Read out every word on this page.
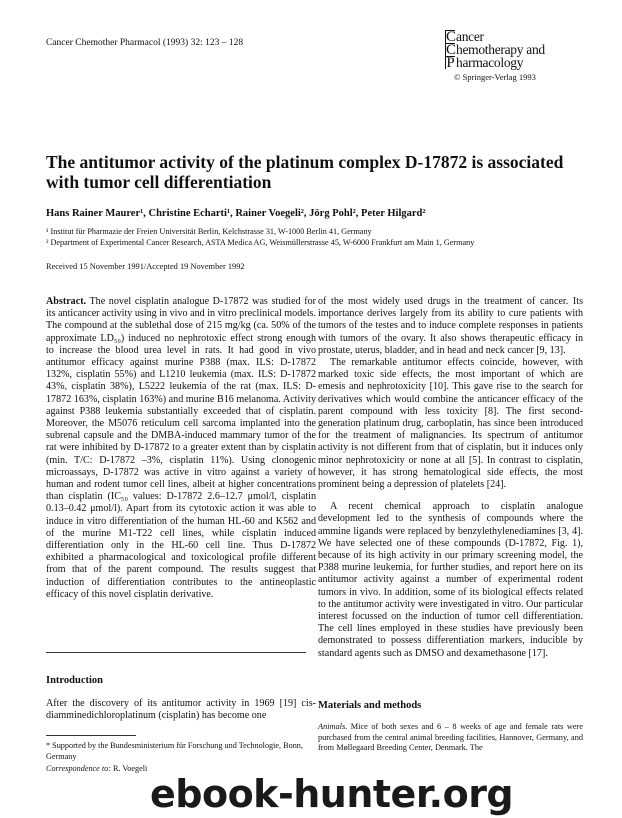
Cancer Chemother Pharmacol (1993) 32: 123 – 128	C ancer
C hemotherapy and
P harmacology
© Springer-Verlag 1993
The antitumor activity of the platinum complex D-17872 is associated with tumor cell differentiation
Hans Rainer Maurer¹, Christine Echarti¹, Rainer Voegeli², Jörg Pohl², Peter Hilgard²
¹ Institut für Pharmazie der Freien Universität Berlin, Kelchstrasse 31, W-1000 Berlin 41, Germany
² Department of Experimental Cancer Research, ASTA Medica AG, Weismüllerstrasse 45, W-6000 Frankfurt am Main 1, Germany
Received 15 November 1991/Accepted 19 November 1992

Abstract. The novel cisplatin analogue D-17872 was studied for its anticancer activity using in vivo and in vitro preclinical models. The compound at the sublethal dose of 215 mg/kg (ca. 50% of the approximate LD₅₀) induced no nephrotoxic effect strong enough to increase the blood urea level in rats. It had good in vivo antitumor efficacy against murine P388 (max. ILS: D-17872 132%, cisplatin 55%) and L1210 leukemia (max. ILS: D-17872 43%, cisplatin 38%), L5222 leukemia of the rat (max. ILS: D-17872 163%, cisplatin 163%) and murine B16 melanoma. Activity against P388 leukemia substantially exceeded that of cisplatin. Moreover, the M5076 reticulum cell sarcoma implanted into the subrenal capsule and the DMBA-induced mammary tumor of the rat were inhibited by D-17872 to a greater extent than by cisplatin (min. T/C: D-17872 –3%, cisplatin 11%). Using clonogenic microassays, D-17872 was active in vitro against a variety of human and rodent tumor cell lines, albeit at higher concentrations than cisplatin (IC₅₀ values: D-17872 2.6–12.7 μmol/l, cisplatin 0.13–0.42 μmol/l). Apart from its cytotoxic action it was able to induce in vitro differentiation of the human HL-60 and K562 and of the murine M1-T22 cell lines, while cisplatin induced differentiation only in the HL-60 cell line. Thus D-17872 exhibited a pharmacological and toxicological profile different from that of the parent compound. The results suggest that induction of differentiation contributes to the antineoplastic efficacy of this novel cisplatin derivative.

Introduction
After the discovery of its antitumor activity in 1969 [19] cis-diamminedichloroplatinum (cisplatin) has become one
* Supported by the Bundesministerium für Forschung und Technologie, Bonn, Germany
Correspondence to: R. Voegeli

of the most widely used drugs in the treatment of cancer. Its importance derives largely from its ability to cure patients with tumors of the testes and to induce complete responses in patients with tumors of the ovary. It also shows therapeutic efficacy in prostate, uterus, bladder, and in head and neck cancer [9, 13].

The remarkable antitumor effects coincide, however, with marked toxic side effects, the most important of which are emesis and nephrotoxicity [10]. This gave rise to the search for derivatives which would combine the anticancer efficacy of the parent compound with less toxicity [8]. The first second-generation platinum drug, carboplatin, has since been introduced for the treatment of malignancies. Its spectrum of antitumor activity is not different from that of cisplatin, but it induces only minor nephrotoxicity or none at all [5]. In contrast to cisplatin, however, it has strong hematological side effects, the most prominent being a depression of platelets [24].

A recent chemical approach to cisplatin analogue development led to the synthesis of compounds where the ammine ligands were replaced by benzylethylenediamines [3, 4]. We have selected one of these compounds (D-17872, Fig. 1), because of its high activity in our primary screening model, the P388 murine leukemia, for further studies, and report here on its antitumor activity against a number of experimental rodent tumors in vivo. In addition, some of its biological effects related to the antitumor activity were investigated in vitro. Our particular interest focussed on the induction of tumor cell differentiation. The cell lines employed in these studies have previously been demonstrated to possess differentiation markers, inducible by standard agents such as DMSO and dexamethasone [17].

Materials and methods
Animals. Mice of both sexes and 6 – 8 weeks of age and female rats were purchased from the central animal breeding facilities, Hannover, Germany, and from Møllegaard Breeding Center, Denmark. The
ebook-hunter.org
